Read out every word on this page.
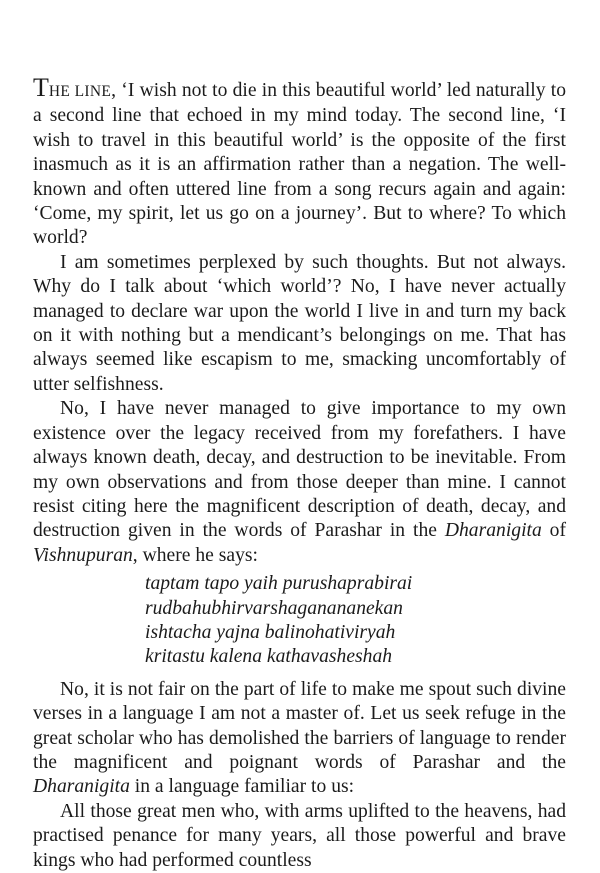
THE LINE, ‘I wish not to die in this beautiful world’ led naturally to a second line that echoed in my mind today. The second line, ‘I wish to travel in this beautiful world’ is the opposite of the first inasmuch as it is an affirmation rather than a negation. The well-known and often uttered line from a song recurs again and again: ‘Come, my spirit, let us go on a journey’. But to where? To which world?

I am sometimes perplexed by such thoughts. But not always. Why do I talk about ‘which world’? No, I have never actually managed to declare war upon the world I live in and turn my back on it with nothing but a mendicant’s belongings on me. That has always seemed like escapism to me, smacking uncomfortably of utter selfishness.

No, I have never managed to give importance to my own existence over the legacy received from my forefathers. I have always known death, decay, and destruction to be inevitable. From my own observations and from those deeper than mine. I cannot resist citing here the magnificent description of death, decay, and destruction given in the words of Parashar in the Dharanigita of Vishnupuran, where he says:

taptam tapo yaih purushaprabirai
rudbahubhirvarshaganananekan
ishtacha yajna balinohativiryah
kritastu kalena kathavasheshah

No, it is not fair on the part of life to make me spout such divine verses in a language I am not a master of. Let us seek refuge in the great scholar who has demolished the barriers of language to render the magnificent and poignant words of Parashar and the Dharanigita in a language familiar to us:

All those great men who, with arms uplifted to the heavens, had practised penance for many years, all those powerful and brave kings who had performed countless
